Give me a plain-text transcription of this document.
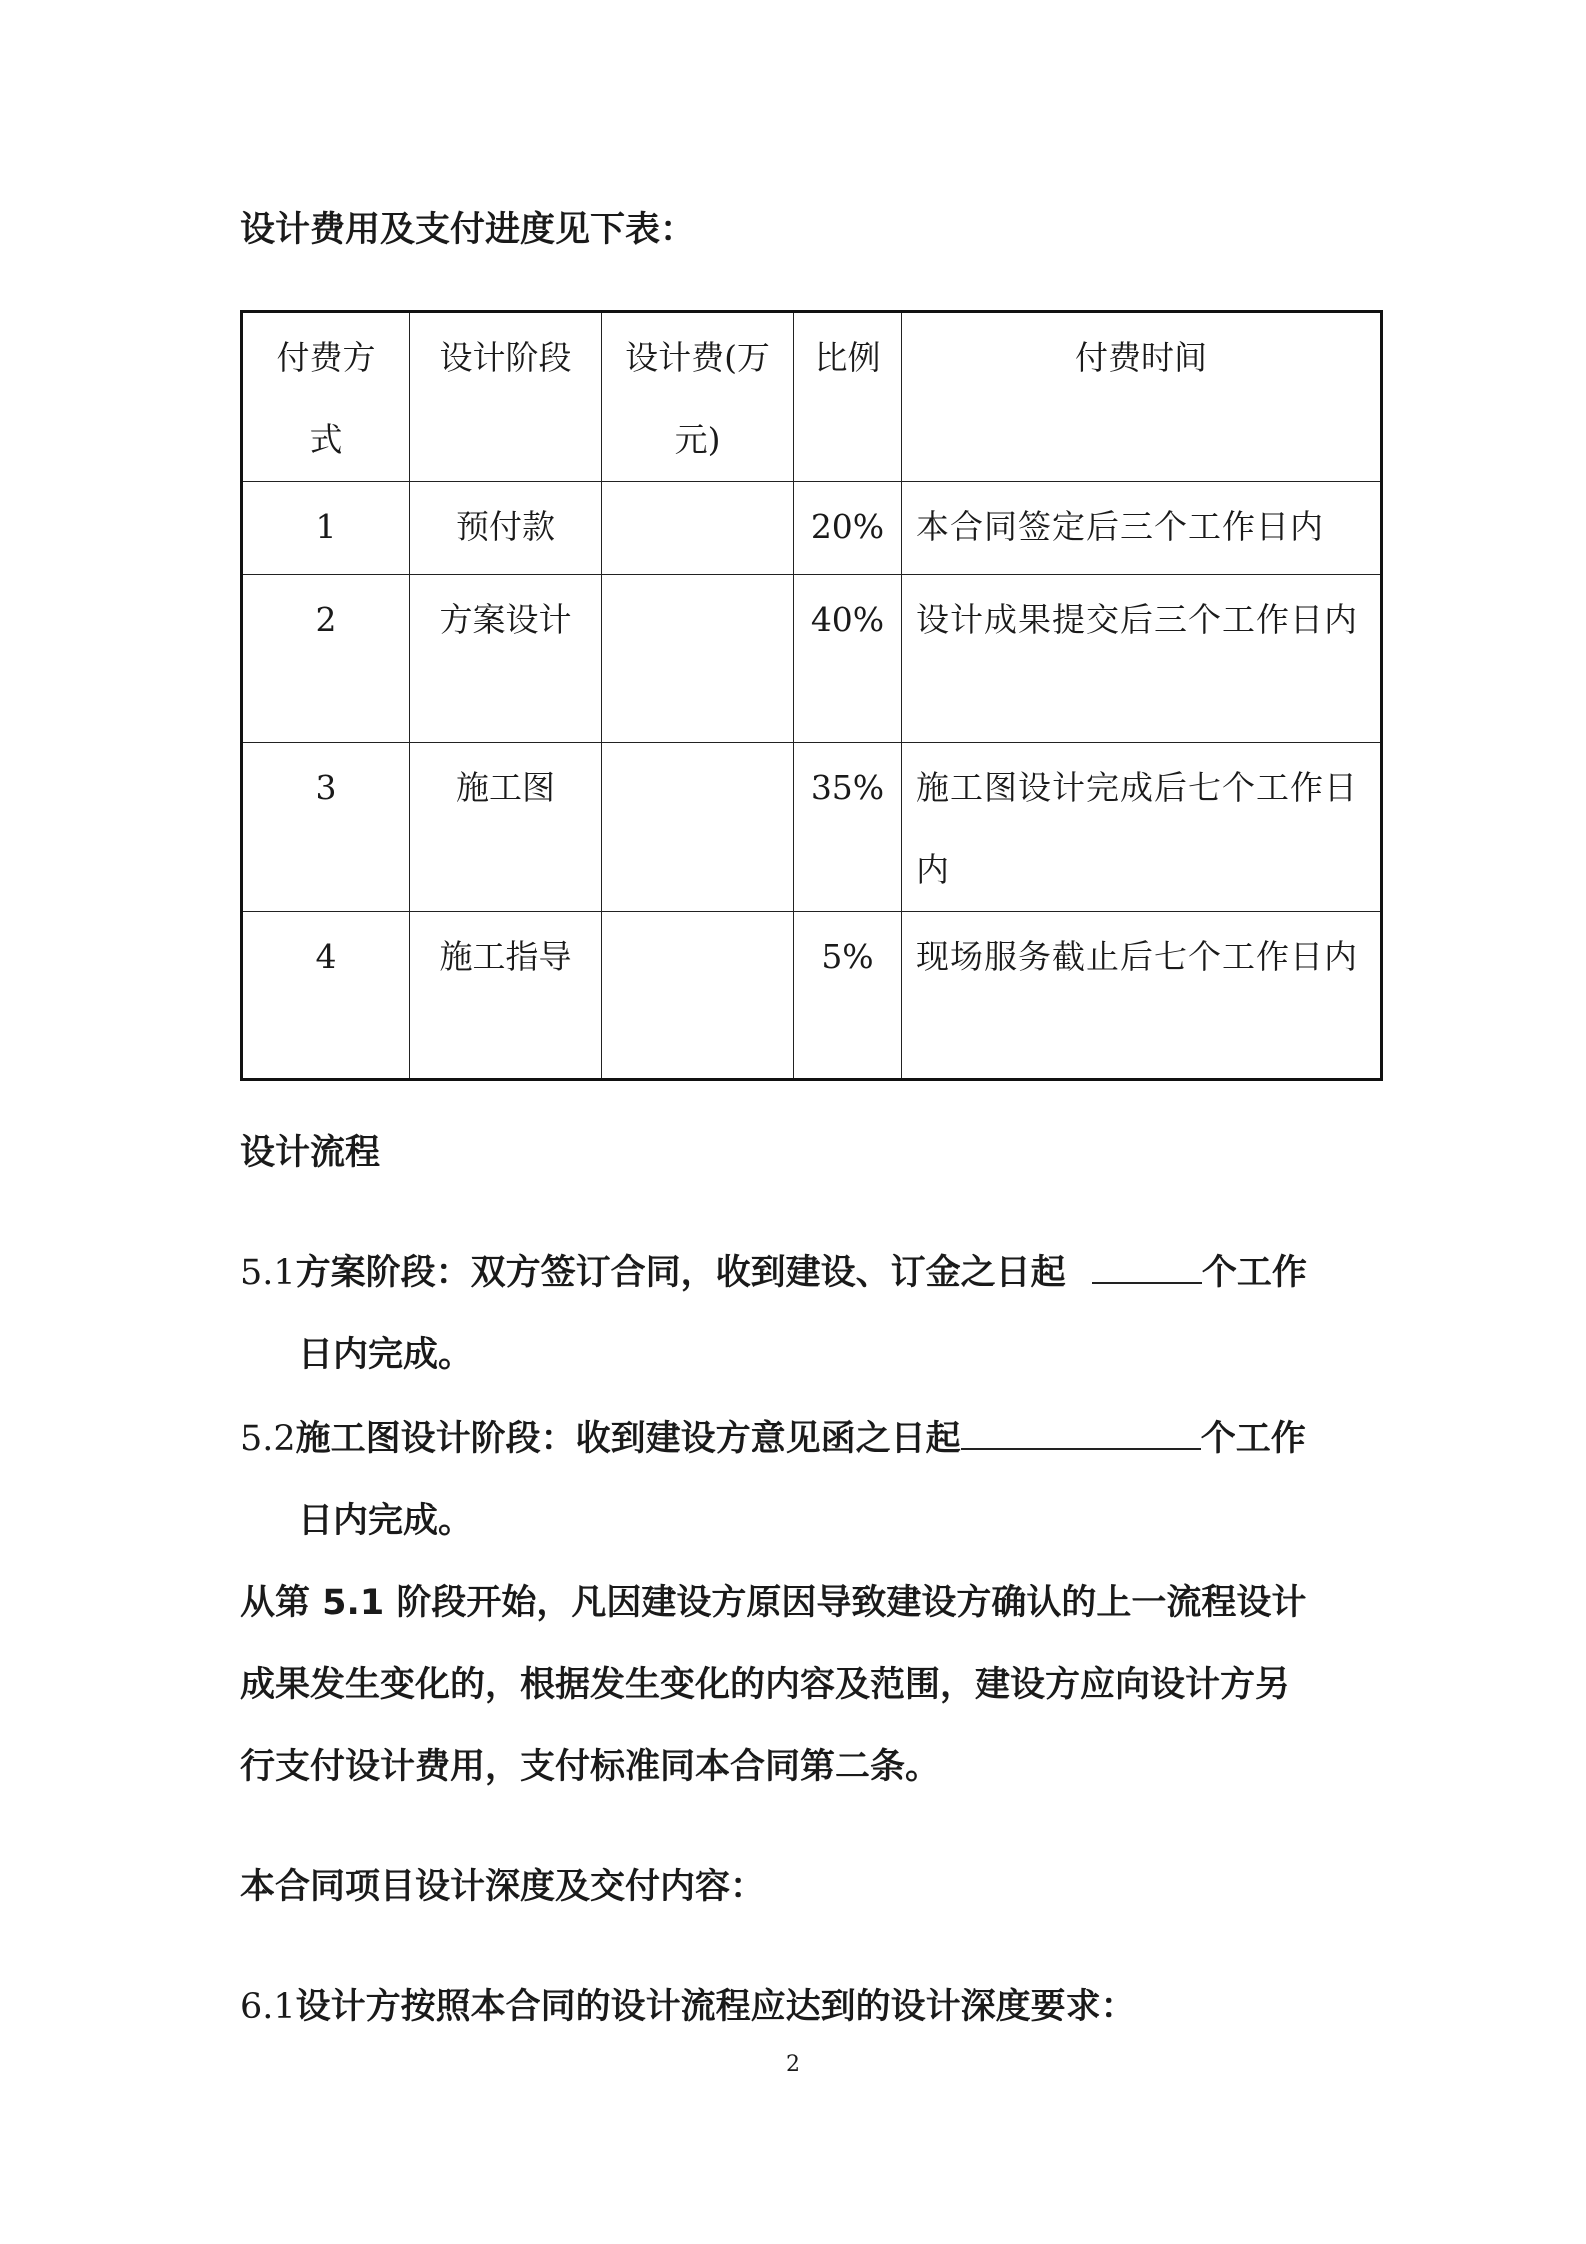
设计费用及支付进度见下表：
付费方式	设计阶段	设计费(万元)	比例	付费时间
1	预付款		20%	本合同签定后三个工作日内
2	方案设计		40%	设计成果提交后三个工作日内
3	施工图		35%	施工图设计完成后七个工作日内
4	施工指导		5%	现场服务截止后七个工作日内
设计流程
5.1方案阶段：双方签订合同，收到建设、订金之日起	个工作
日内完成。
5.2施工图设计阶段：收到建设方意见函之日起	个工作
日内完成。
从第 5.1 阶段开始，凡因建设方原因导致建设方确认的上一流程设计
成果发生变化的，根据发生变化的内容及范围，建设方应向设计方另
行支付设计费用，支付标准同本合同第二条。
本合同项目设计深度及交付内容：
6.1设计方按照本合同的设计流程应达到的设计深度要求：
2
